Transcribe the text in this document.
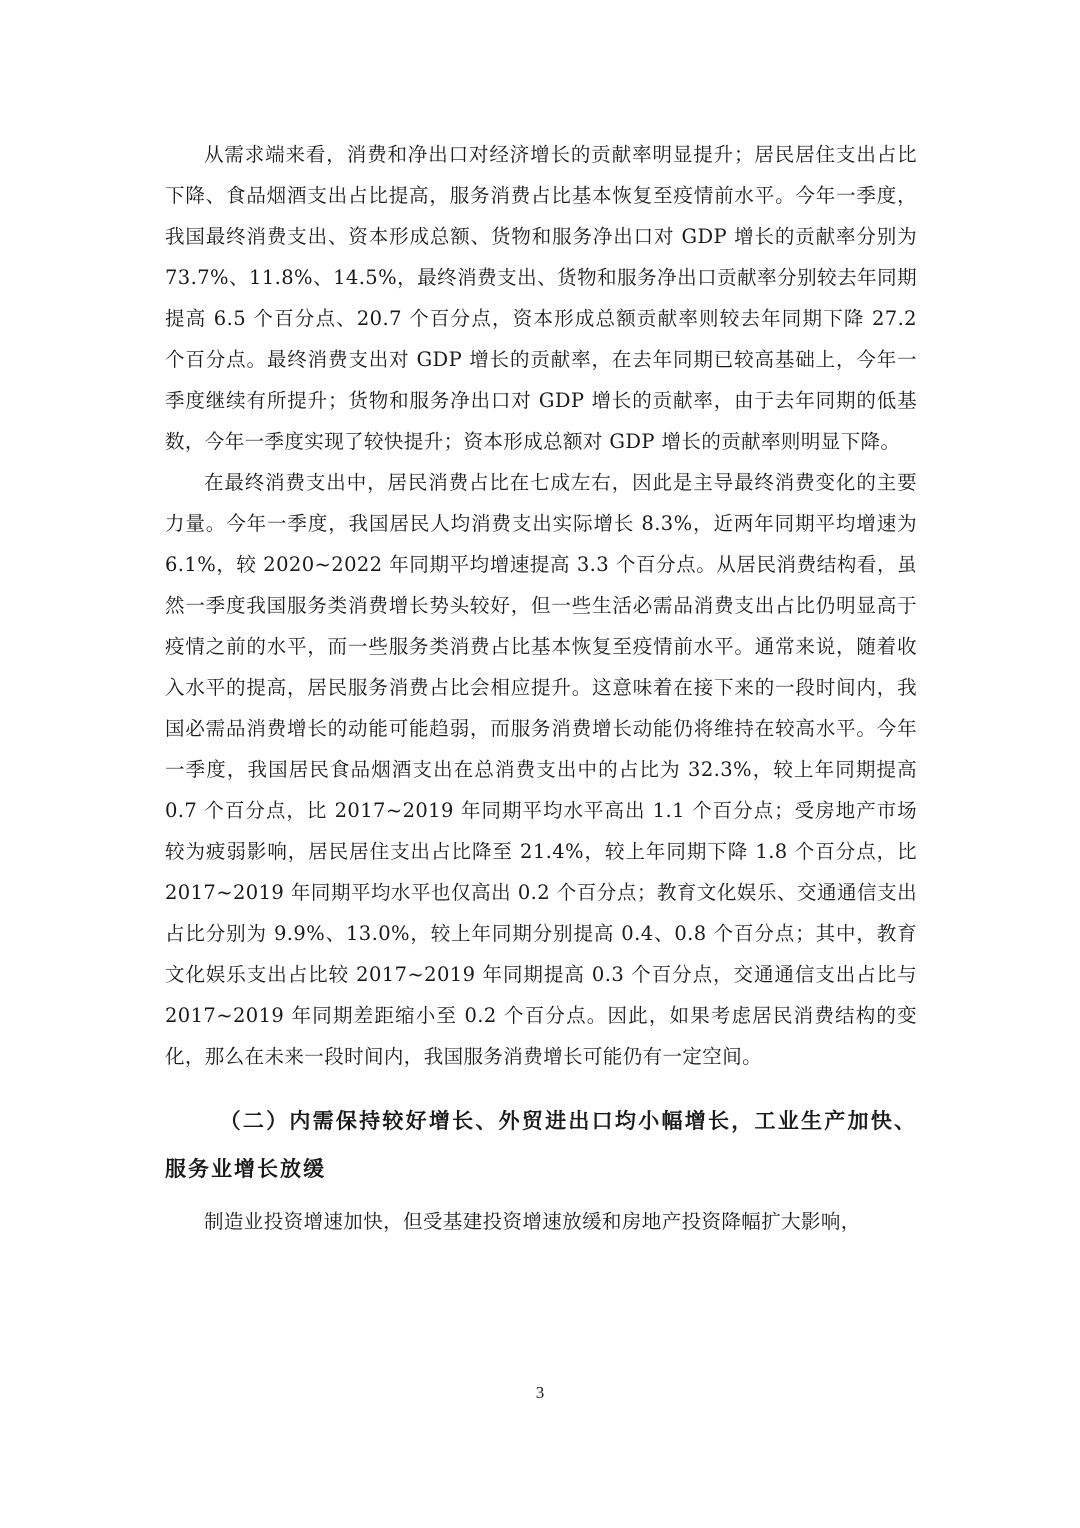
从需求端来看，消费和净出口对经济增长的贡献率明显提升；居民居住支出占比下降、食品烟酒支出占比提高，服务消费占比基本恢复至疫情前水平。今年一季度，我国最终消费支出、资本形成总额、货物和服务净出口对 GDP 增长的贡献率分别为 73.7%、11.8%、14.5%，最终消费支出、货物和服务净出口贡献率分别较去年同期提高 6.5 个百分点、20.7 个百分点，资本形成总额贡献率则较去年同期下降 27.2 个百分点。最终消费支出对 GDP 增长的贡献率，在去年同期已较高基础上，今年一季度继续有所提升；货物和服务净出口对 GDP 增长的贡献率，由于去年同期的低基数，今年一季度实现了较快提升；资本形成总额对 GDP 增长的贡献率则明显下降。

在最终消费支出中，居民消费占比在七成左右，因此是主导最终消费变化的主要力量。今年一季度，我国居民人均消费支出实际增长 8.3%，近两年同期平均增速为 6.1%，较 2020~2022 年同期平均增速提高 3.3 个百分点。从居民消费结构看，虽然一季度我国服务类消费增长势头较好，但一些生活必需品消费支出占比仍明显高于疫情之前的水平，而一些服务类消费占比基本恢复至疫情前水平。通常来说，随着收入水平的提高，居民服务消费占比会相应提升。这意味着在接下来的一段时间内，我国必需品消费增长的动能可能趋弱，而服务消费增长动能仍将维持在较高水平。今年一季度，我国居民食品烟酒支出在总消费支出中的占比为 32.3%，较上年同期提高 0.7 个百分点，比 2017~2019 年同期平均水平高出 1.1 个百分点；受房地产市场较为疲弱影响，居民居住支出占比降至 21.4%，较上年同期下降 1.8 个百分点，比 2017~2019 年同期平均水平也仅高出 0.2 个百分点；教育文化娱乐、交通通信支出占比分别为 9.9%、13.0%，较上年同期分别提高 0.4、0.8 个百分点；其中，教育文化娱乐支出占比较 2017~2019 年同期提高 0.3 个百分点，交通通信支出占比与 2017~2019 年同期差距缩小至 0.2 个百分点。因此，如果考虑居民消费结构的变化，那么在未来一段时间内，我国服务消费增长可能仍有一定空间。

（二）内需保持较好增长、外贸进出口均小幅增长，工业生产加快、服务业增长放缓

制造业投资增速加快，但受基建投资增速放缓和房地产投资降幅扩大影响，

3
